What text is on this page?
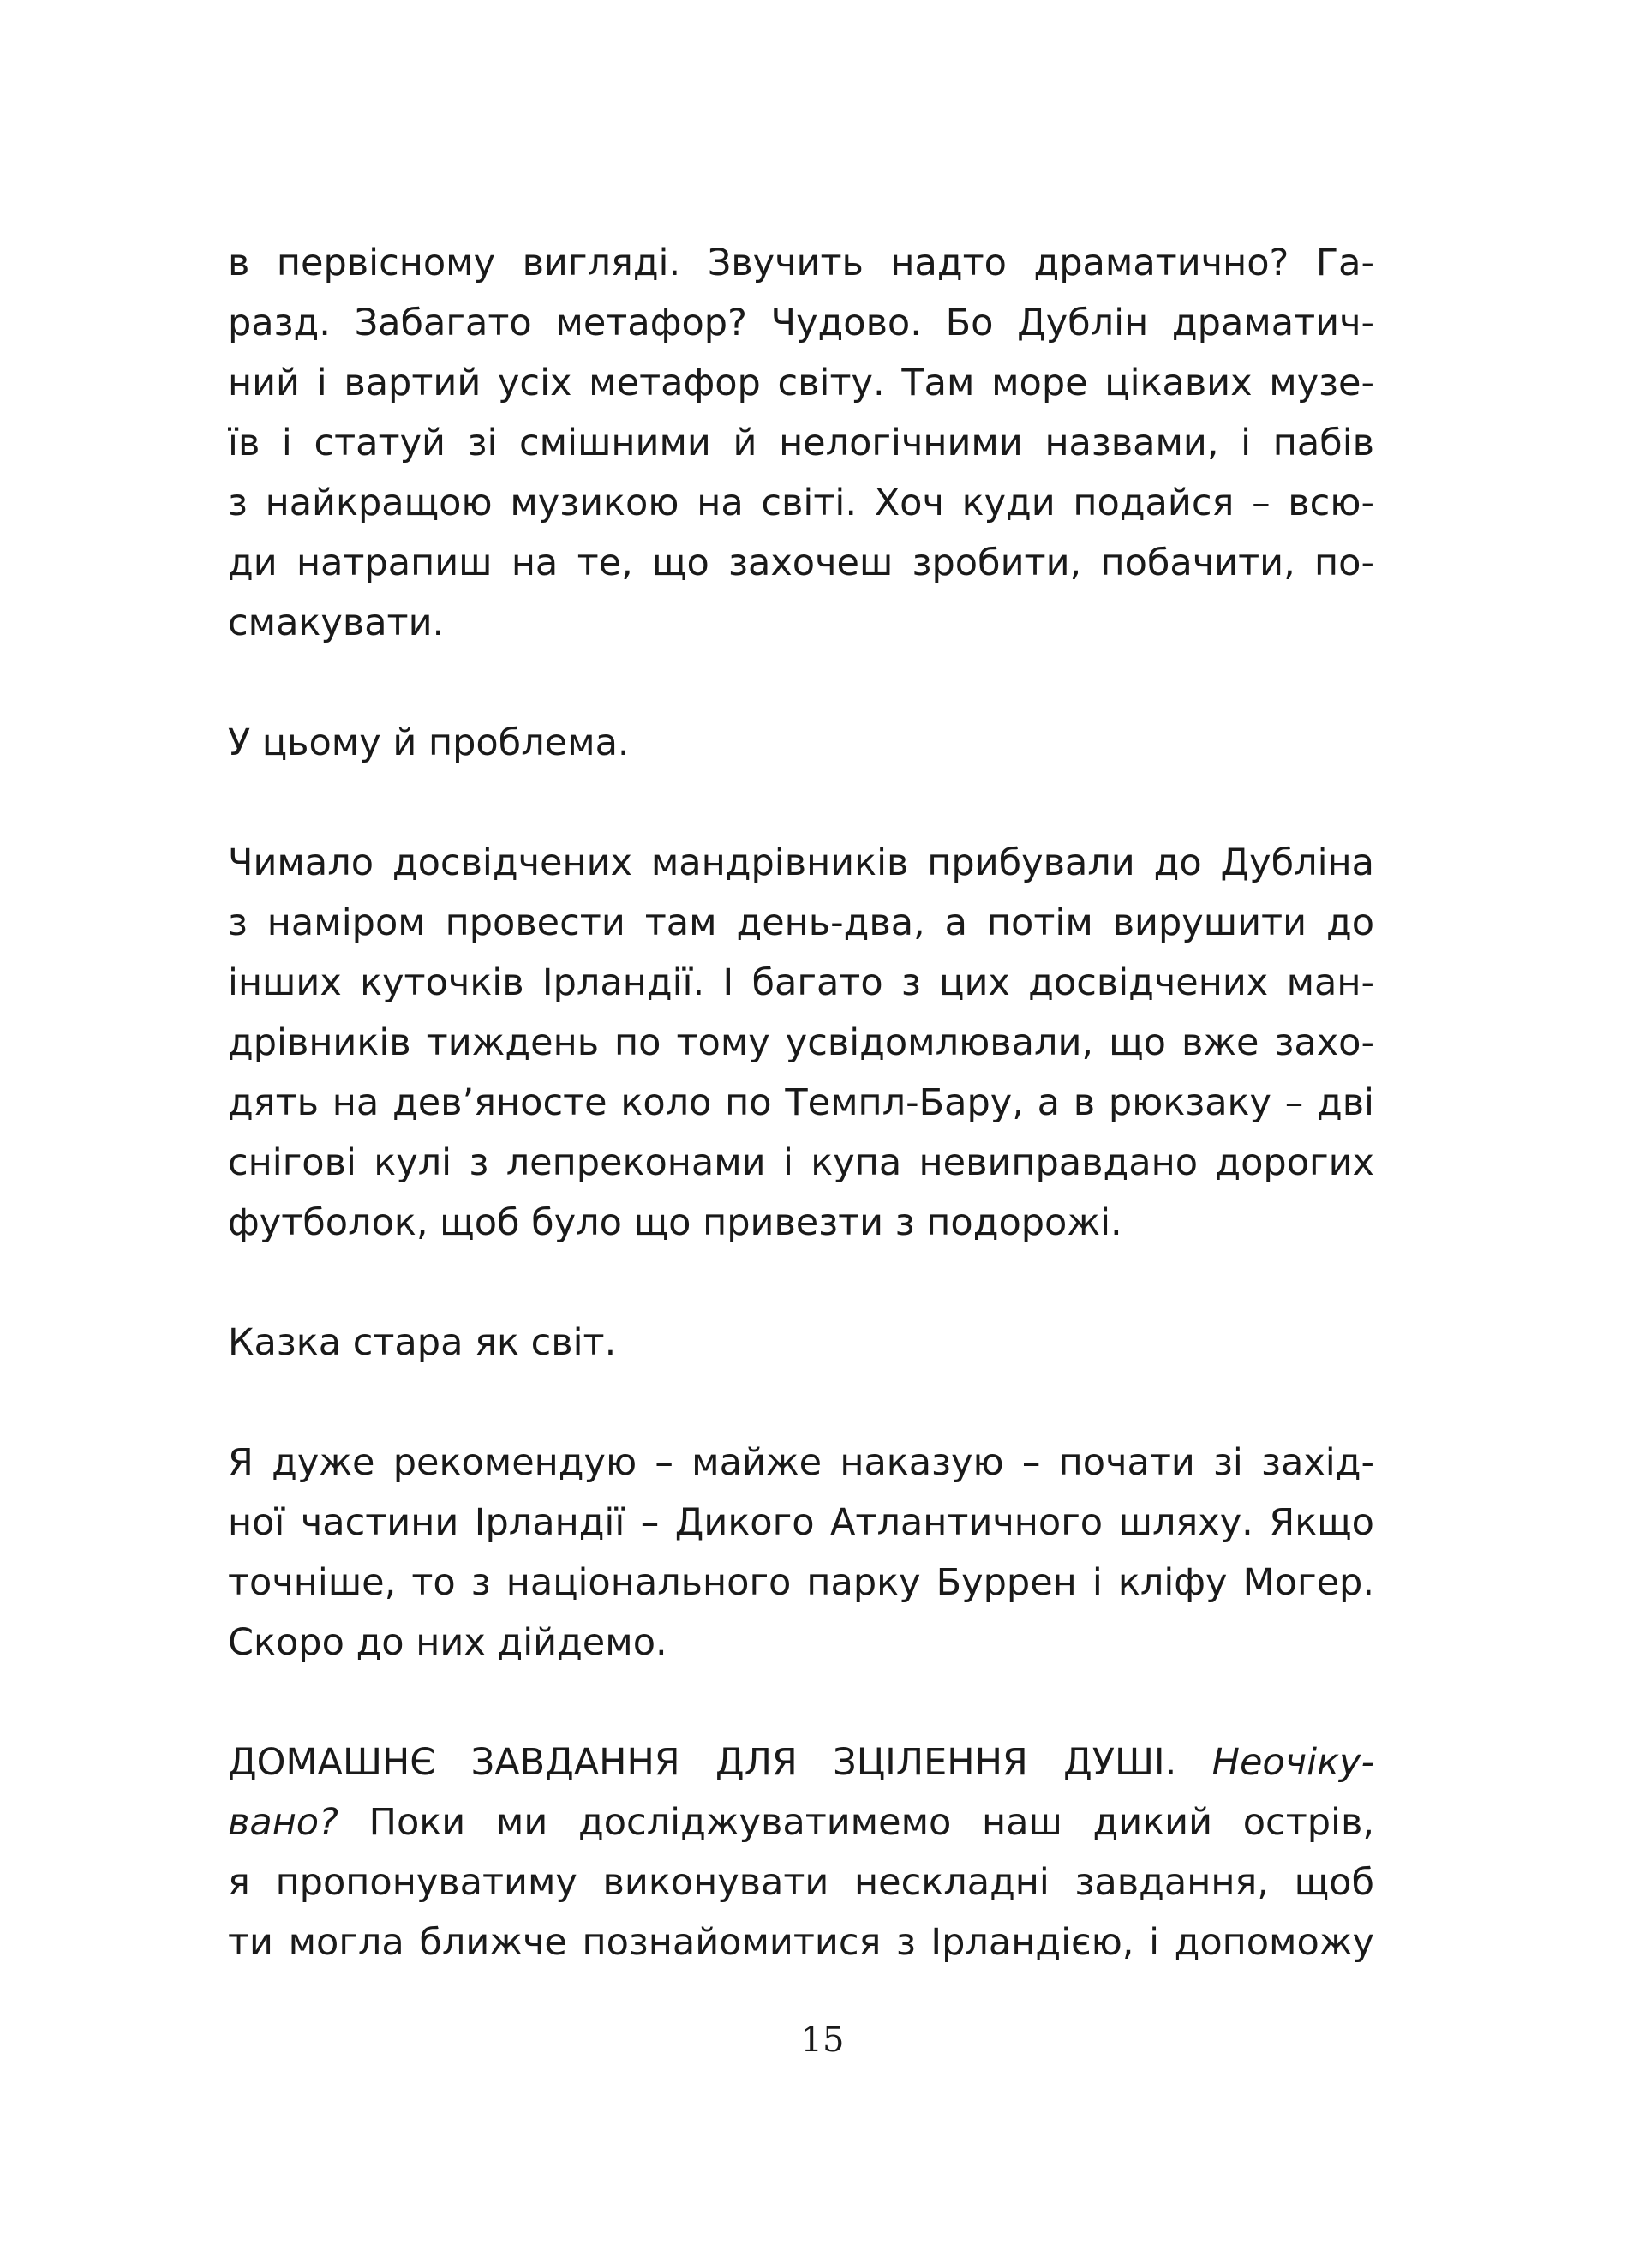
в первісному вигляді. Звучить надто драматично? Га-
разд. Забагато метафор? Чудово. Бо Дублін драматич-
ний і вартий усіх метафор світу. Там море цікавих музе-
їв і статуй зі смішними й нелогічними назвами, і пабів
з найкращою музикою на світі. Хоч куди подайся – всю-
ди натрапиш на те, що захочеш зробити, побачити, по-
смакувати.

У цьому й проблема.

Чимало досвідчених мандрівників прибували до Дубліна
з наміром провести там день-два, а потім вирушити до
інших куточків Ірландії. І багато з цих досвідчених ман-
дрівників тиждень по тому усвідомлювали, що вже захо-
дять на дев’яносте коло по Темпл-Бару, а в рюкзаку – дві
снігові кулі з лепреконами і купа невиправдано дорогих
футболок, щоб було що привезти з подорожі.

Казка стара як світ.

Я дуже рекомендую – майже наказую – почати зі захід-
ної частини Ірландії – Дикого Атлантичного шляху. Якщо
точніше, то з національного парку Буррен і кліфу Могер.
Скоро до них дійдемо.

ДОМАШНЄ ЗАВДАННЯ ДЛЯ ЗЦІЛЕННЯ ДУШІ. Неочіку-
вано? Поки ми досліджуватимемо наш дикий острів,
я пропонуватиму виконувати нескладні завдання, щоб
ти могла ближче познайомитися з Ірландією, і допоможу

15
